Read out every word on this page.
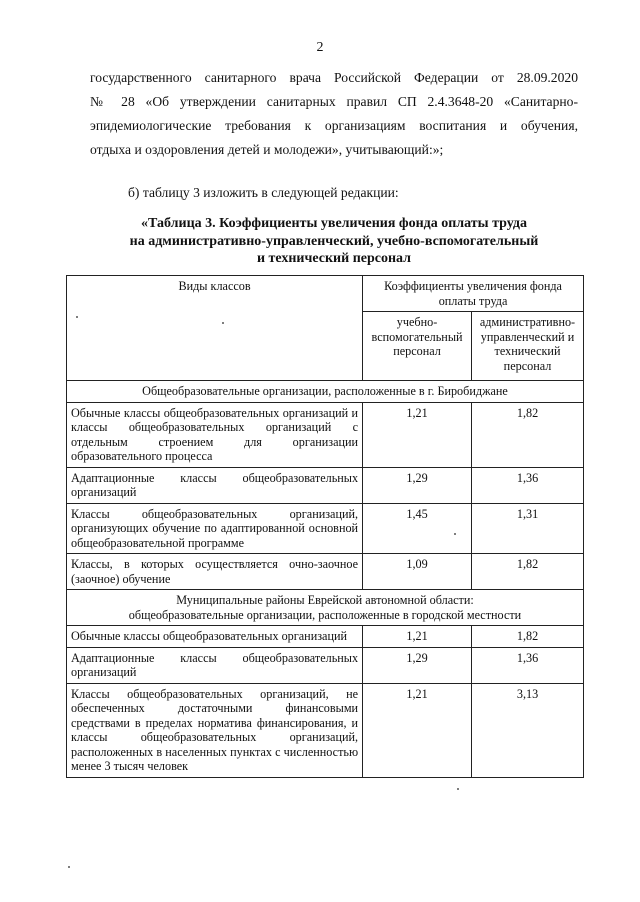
2
государственного санитарного врача Российской Федерации от 28.09.2020
№ 28 «Об утверждении санитарных правил СП 2.4.3648-20 «Санитарно-
эпидемиологические требования к организациям воспитания и обучения,
отдыха и оздоровления детей и молодежи», учитывающий:»;
б) таблицу 3 изложить в следующей редакции:
«Таблица 3. Коэффициенты увеличения фонда оплаты труда
на административно-управленческий, учебно-вспомогательный
и технический персонал
Виды классов	Коэффициенты увеличения фонда оплаты труда	
	учебно-вспомогательный персонал	административно-управленческий и технический персонал
Общеобразовательные организации, расположенные в г. Биробиджане		
Обычные классы общеобразовательных организаций и классы общеобразовательных организаций с отдельным строением для организации образовательного процесса	1,21	1,82
Адаптационные классы общеобразовательных организаций	1,29	1,36
Классы общеобразовательных организаций, организующих обучение по адаптированной основной общеобразовательной программе	1,45	1,31
Классы, в которых осуществляется очно-заочное (заочное) обучение	1,09	1,82

Муниципальные районы Еврейской автономной области:
общеобразовательные организации, расположенные в городской местности		

Обычные классы общеобразовательных организаций	1,21	1,82
Адаптационные классы общеобразовательных организаций	1,29	1,36
Классы общеобразовательных организаций, не обеспеченных достаточными финансовыми средствами в пределах норматива финансирования, и классы общеобразовательных организаций, расположенных в населенных пунктах с численностью менее 3 тысяч человек	1,21	3,13
